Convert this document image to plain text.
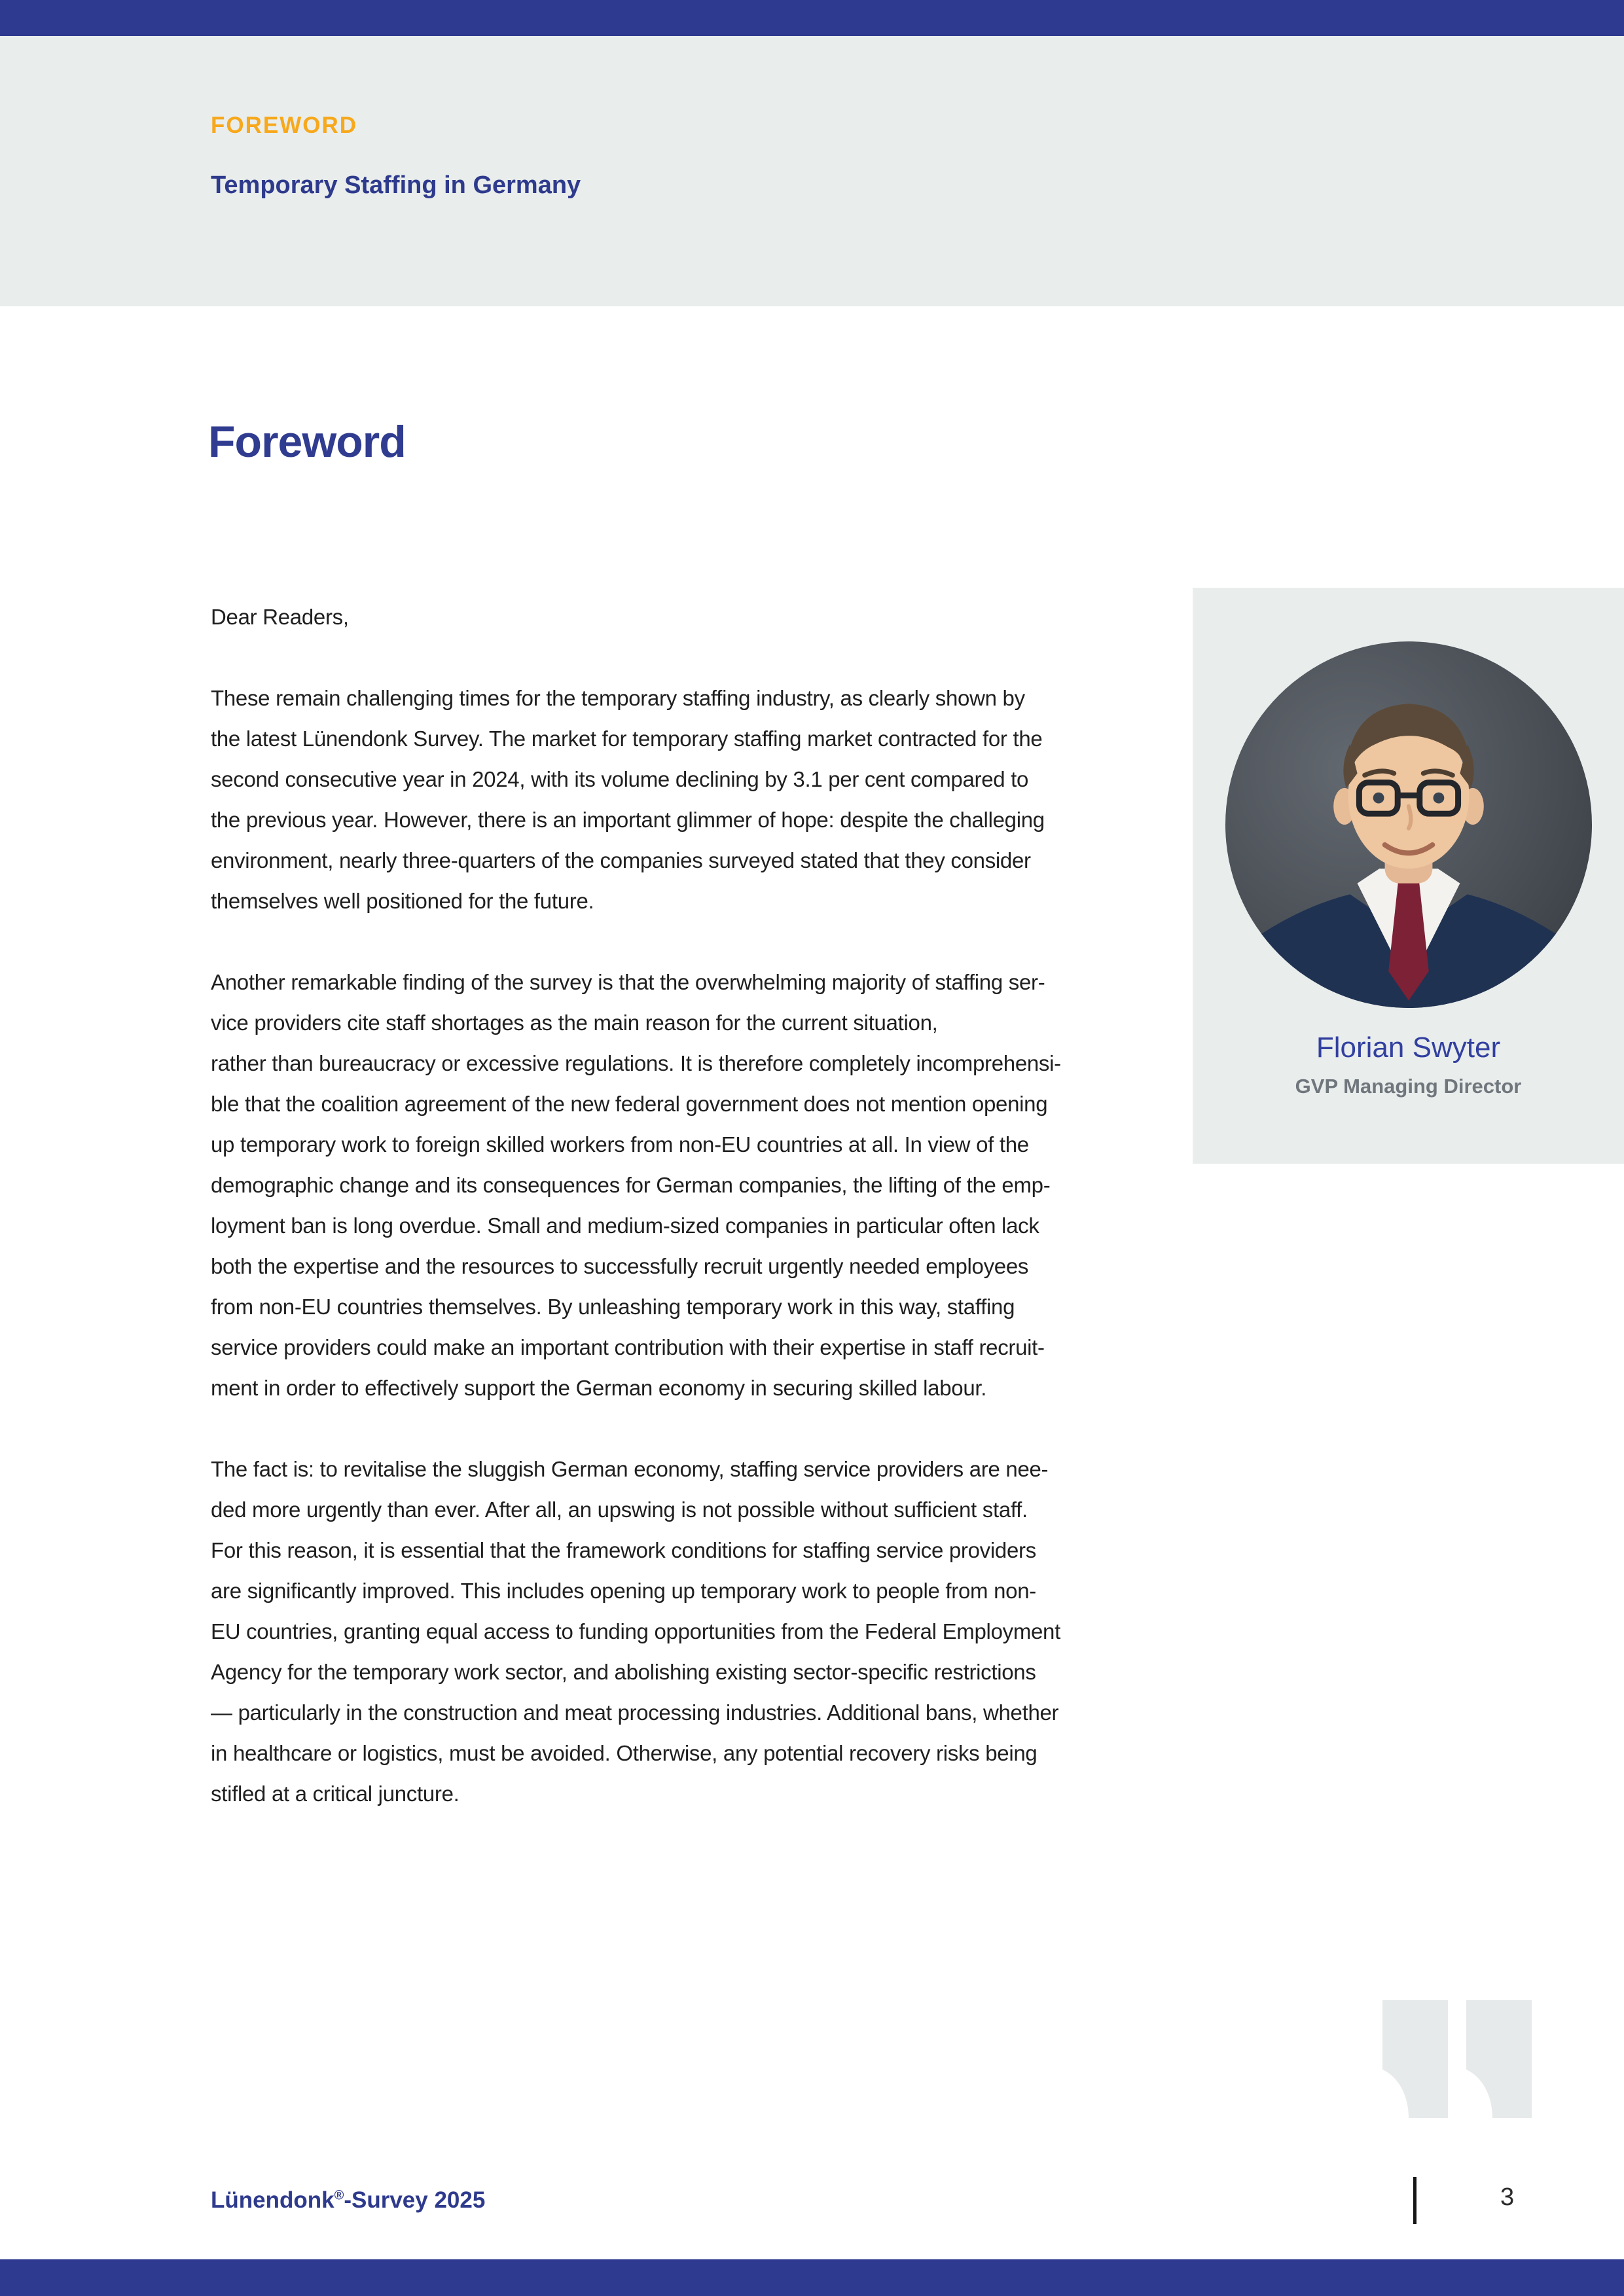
FOREWORD
Temporary Staffing in Germany
Foreword

Dear Readers,

These remain challenging times for the temporary staffing industry, as clearly shown by
the latest Lünendonk Survey. The market for temporary staffing market contracted for the
second consecutive year in 2024, with its volume declining by 3.1 per cent compared to
the previous year. However, there is an important glimmer of hope: despite the challeging
environment, nearly three-quarters of the companies surveyed stated that they consider
themselves well positioned for the future.

Another remarkable finding of the survey is that the overwhelming majority of staffing ser-
vice providers cite staff shortages as the main reason for the current situation,
rather than bureaucracy or excessive regulations. It is therefore completely incomprehensi-
ble that the coalition agreement of the new federal government does not mention opening
up temporary work to foreign skilled workers from non-EU countries at all. In view of the
demographic change and its consequences for German companies, the lifting of the emp-
loyment ban is long overdue. Small and medium-sized companies in particular often lack
both the expertise and the resources to successfully recruit urgently needed employees
from non-EU countries themselves. By unleashing temporary work in this way, staffing
service providers could make an important contribution with their expertise in staff recruit-
ment in order to effectively support the German economy in securing skilled labour.

The fact is: to revitalise the sluggish German economy, staffing service providers are nee-
ded more urgently than ever. After all, an upswing is not possible without sufficient staff.
For this reason, it is essential that the framework conditions for staffing service providers
are significantly improved. This includes opening up temporary work to people from non-
EU countries, granting equal access to funding opportunities from the Federal Employment
Agency for the temporary work sector, and abolishing existing sector-specific restrictions
— particularly in the construction and meat processing industries. Additional bans, whether
in healthcare or logistics, must be avoided. Otherwise, any potential recovery risks being
stifled at a critical juncture.

Florian Swyter
GVP Managing Director
Lünendonk®-Survey 2025	3
